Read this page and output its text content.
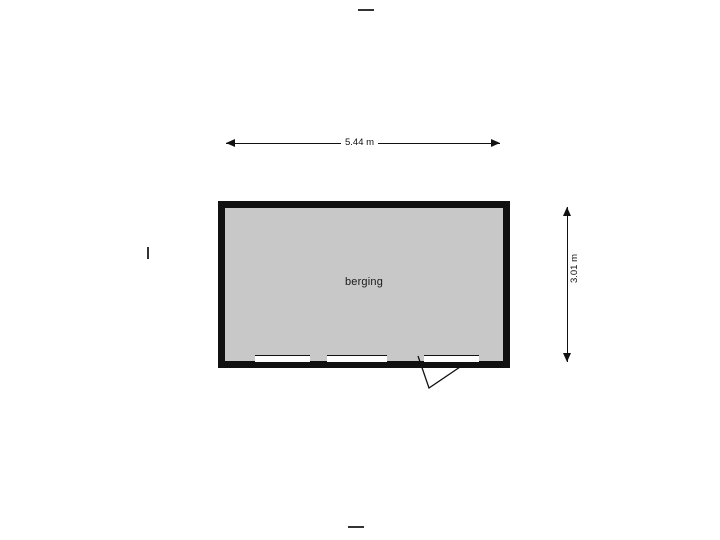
5.44 m
3.01 m
berging
